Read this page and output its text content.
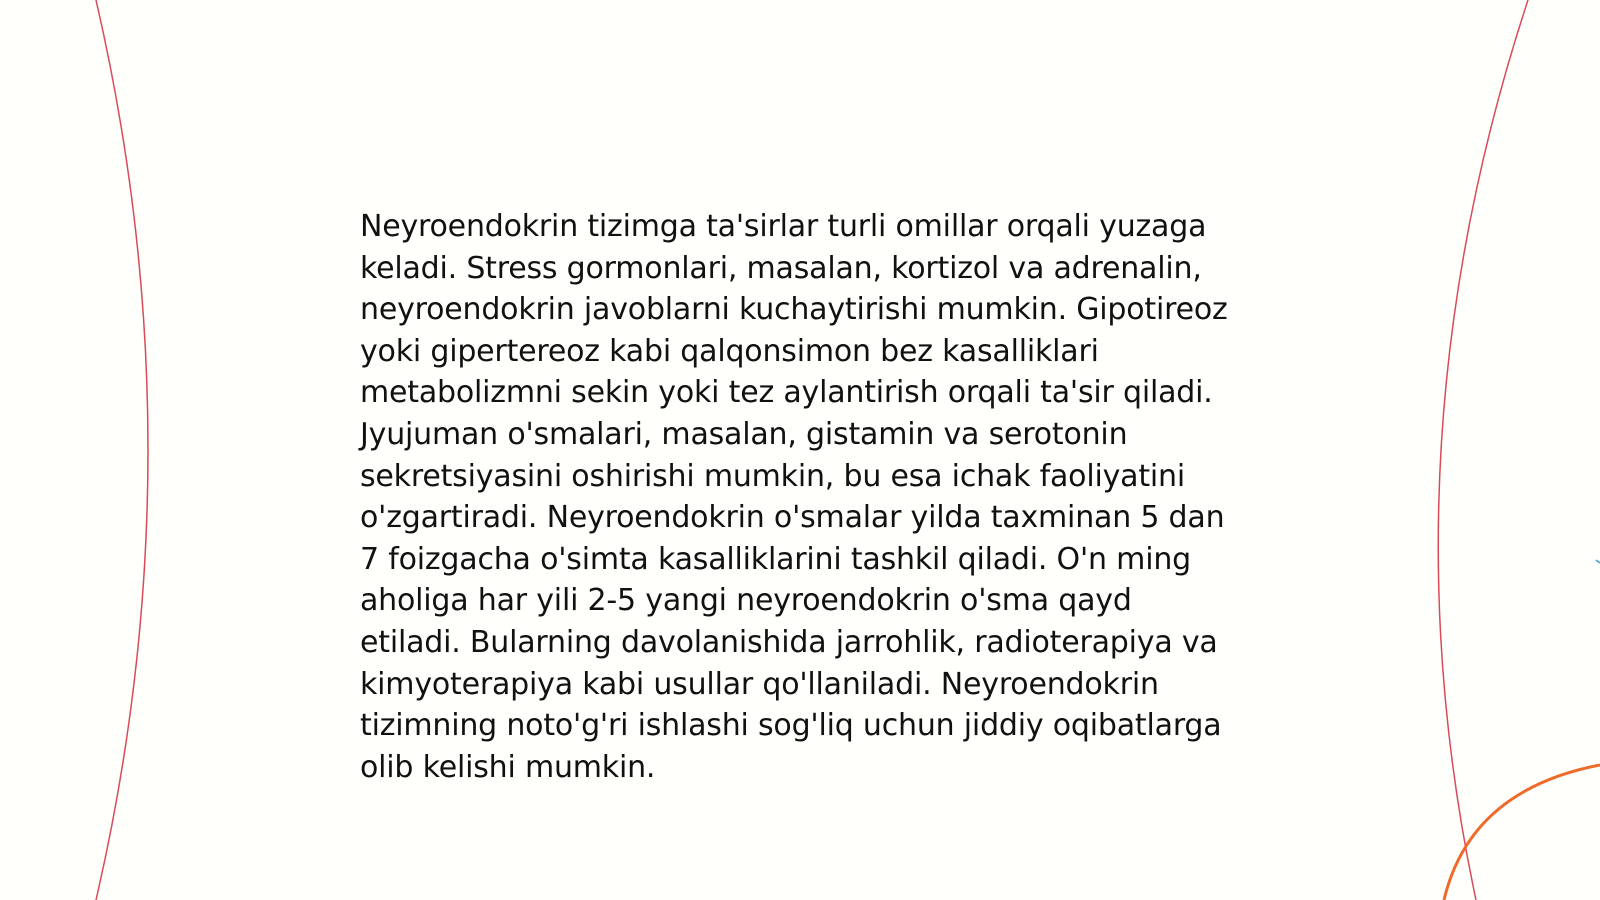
Neyroendokrin tizimga ta'sirlar turli omillar orqali yuzaga keladi. Stress gormonlari, masalan, kortizol va adrenalin, neyroendokrin javoblarni kuchaytirishi mumkin. Gipotireoz yoki gipertereoz kabi qalqonsimon bez kasalliklari metabolizmni sekin yoki tez aylantirish orqali ta'sir qiladi. Jyujuman o'smalari, masalan, gistamin va serotonin sekretsiyasini oshirishi mumkin, bu esa ichak faoliyatini o'zgartiradi. Neyroendokrin o'smalar yilda taxminan 5 dan 7 foizgacha o'simta kasalliklarini tashkil qiladi. O'n ming aholiga har yili 2-5 yangi neyroendokrin o'sma qayd etiladi. Bularning davolanishida jarrohlik, radioterapiya va kimyoterapiya kabi usullar qo'llaniladi. Neyroendokrin tizimning noto'g'ri ishlashi sog'liq uchun jiddiy oqibatlarga olib kelishi mumkin.
